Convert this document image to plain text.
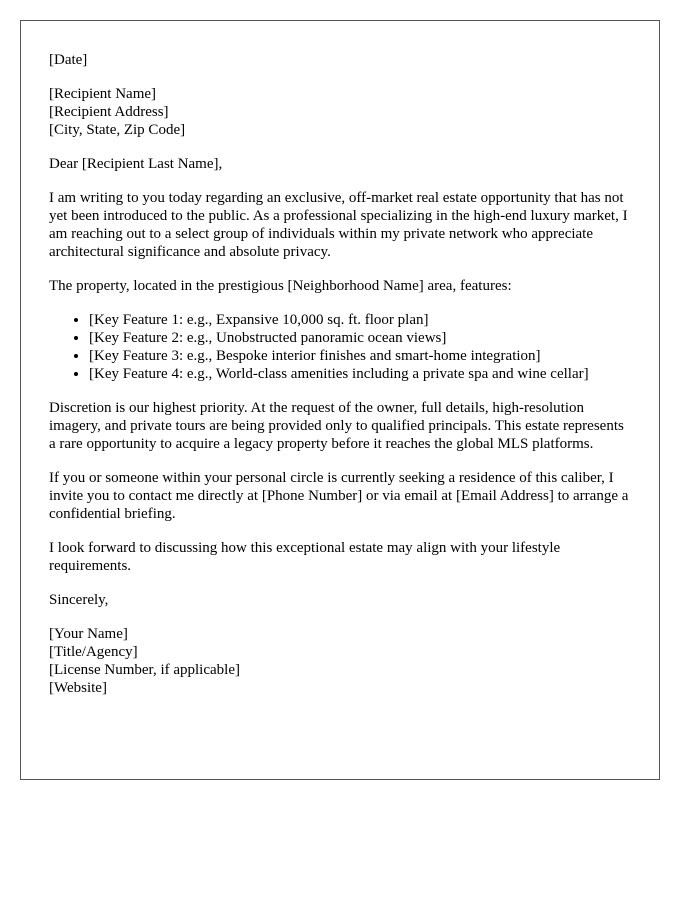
[Date]
[Recipient Name]
[Recipient Address]
[City, State, Zip Code]

Dear [Recipient Last Name],

I am writing to you today regarding an exclusive, off-market real estate opportunity that has not yet been introduced to the public. As a professional specializing in the high-end luxury market, I am reaching out to a select group of individuals within my private network who appreciate architectural significance and absolute privacy.

The property, located in the prestigious [Neighborhood Name] area, features:

• [Key Feature 1: e.g., Expansive 10,000 sq. ft. floor plan]
• [Key Feature 2: e.g., Unobstructed panoramic ocean views]
• [Key Feature 3: e.g., Bespoke interior finishes and smart-home integration]
• [Key Feature 4: e.g., World-class amenities including a private spa and wine cellar]

Discretion is our highest priority. At the request of the owner, full details, high-resolution imagery, and private tours are being provided only to qualified principals. This estate represents a rare opportunity to acquire a legacy property before it reaches the global MLS platforms.

If you or someone within your personal circle is currently seeking a residence of this caliber, I invite you to contact me directly at [Phone Number] or via email at [Email Address] to arrange a confidential briefing.

I look forward to discussing how this exceptional estate may align with your lifestyle requirements.

Sincerely,

[Your Name]
[Title/Agency]
[License Number, if applicable]
[Website]
